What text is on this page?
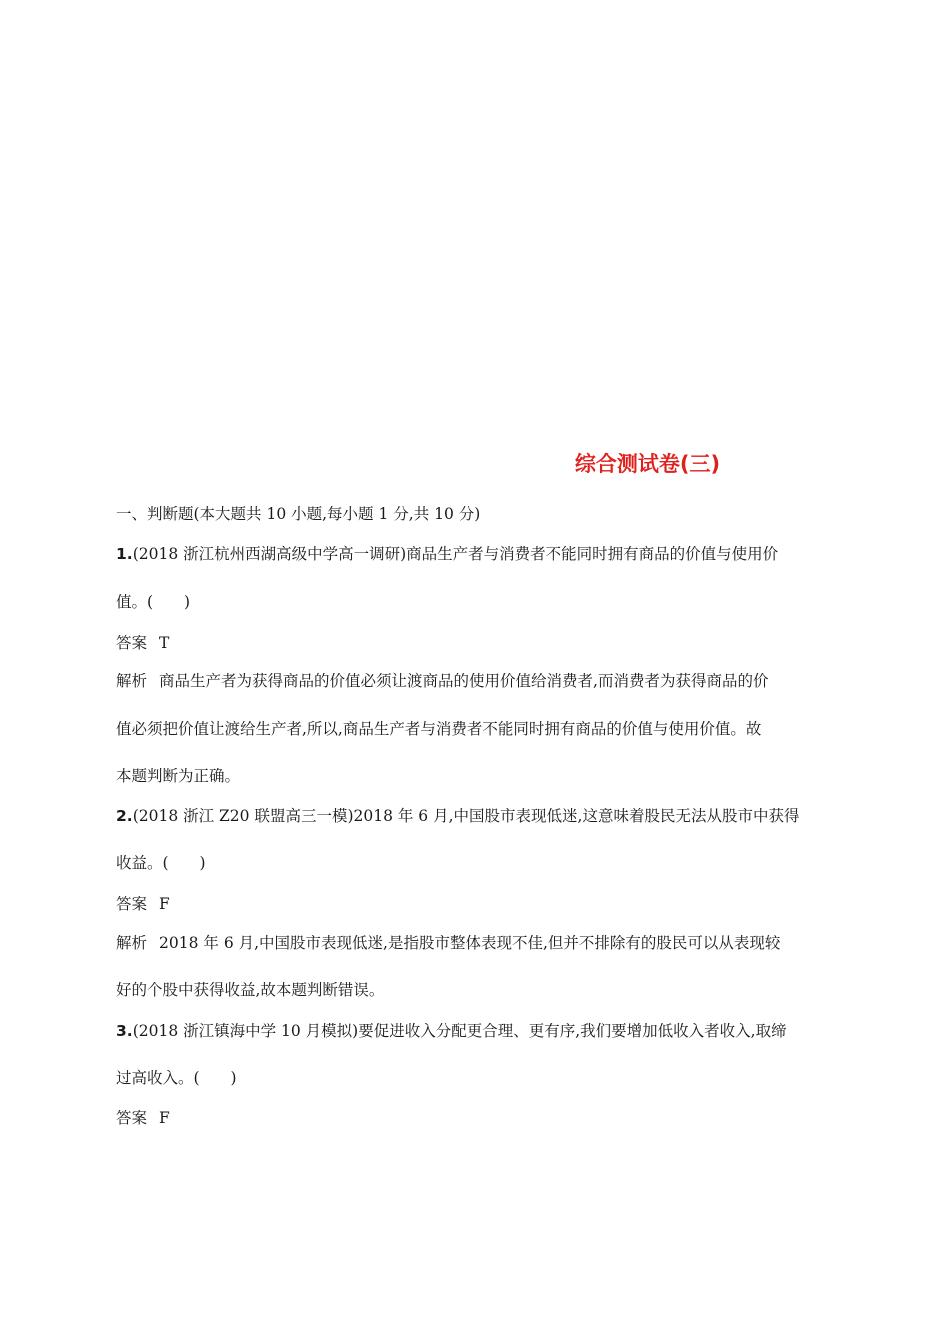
综合测试卷(三)
一、判断题(本大题共 10 小题,每小题 1 分,共 10 分)
1.(2018 浙江杭州西湖高级中学高一调研)商品生产者与消费者不能同时拥有商品的价值与使用价
值。(　　)
答案 T
解析 商品生产者为获得商品的价值必须让渡商品的使用价值给消费者,而消费者为获得商品的价
值必须把价值让渡给生产者,所以,商品生产者与消费者不能同时拥有商品的价值与使用价值。故
本题判断为正确。
2.(2018 浙江 Z20 联盟高三一模)2018 年 6 月,中国股市表现低迷,这意味着股民无法从股市中获得
收益。(　　)
答案 F
解析 2018 年 6 月,中国股市表现低迷,是指股市整体表现不佳,但并不排除有的股民可以从表现较
好的个股中获得收益,故本题判断错误。
3.(2018 浙江镇海中学 10 月模拟)要促进收入分配更合理、更有序,我们要增加低收入者收入,取缔
过高收入。(　　)
答案 F
